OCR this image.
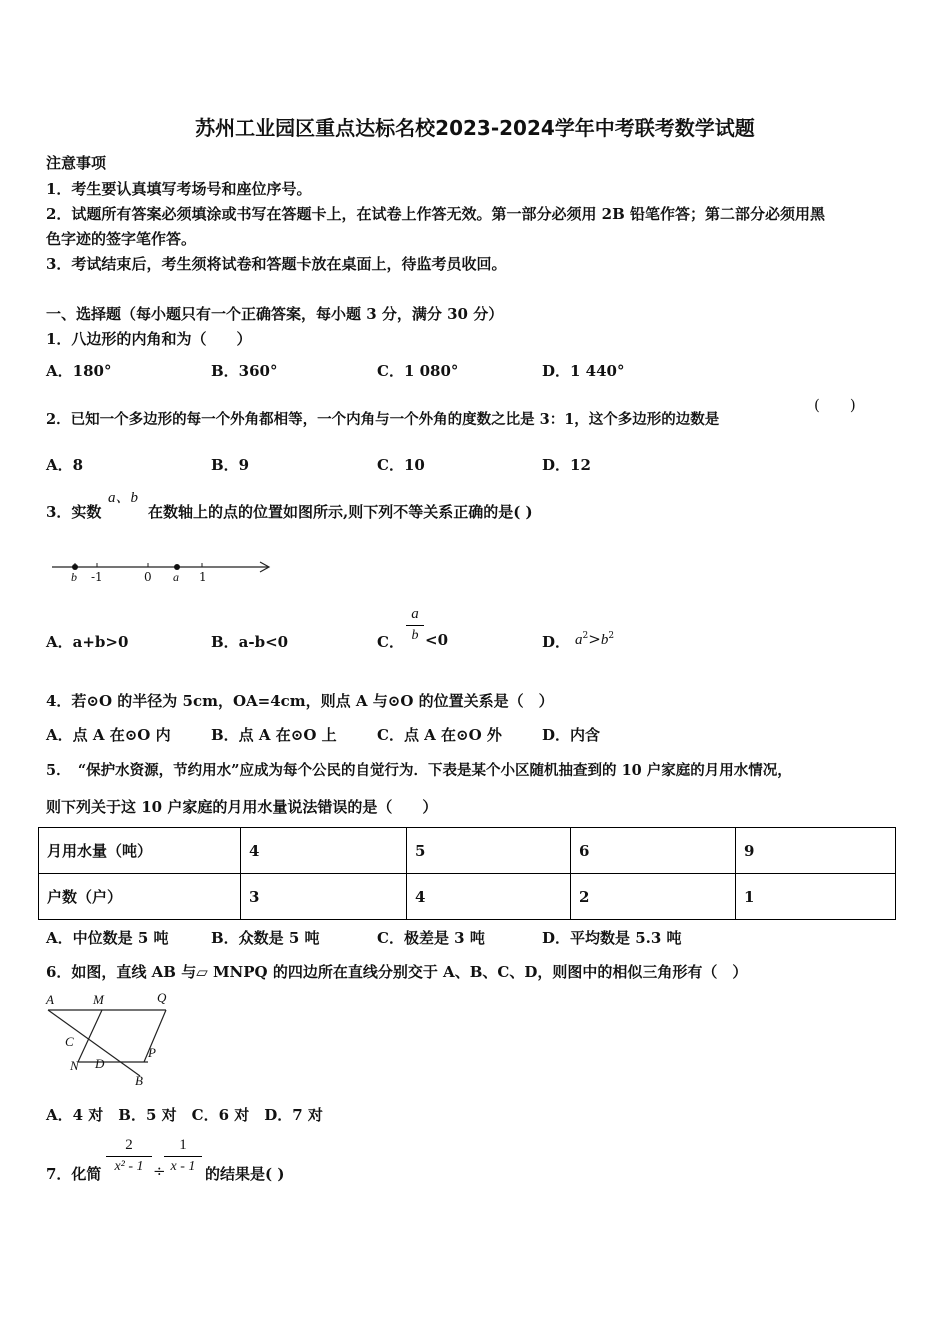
苏州工业园区重点达标名校2023-2024学年中考联考数学试题
注意事项
1．考生要认真填写考场号和座位序号。
2．试题所有答案必须填涂或书写在答题卡上，在试卷上作答无效。第一部分必须用 2B 铅笔作答；第二部分必须用黑
色字迹的签字笔作答。
3．考试结束后，考生须将试卷和答题卡放在桌面上，待监考员收回。
一、选择题（每小题只有一个正确答案，每小题 3 分，满分 30 分）
1．八边形的内角和为（　　）
A．180°	B．360°	C．1 080°	D．1 440°
2．已知一个多边形的每一个外角都相等，一个内角与一个外角的度数之比是 3：1，这个多边形的边数是
(　　)
A．8	B．9	C．10	D．12
3．实数
a、b
在数轴上的点的位置如图所示,则下列不等关系正确的是( )
b -1	0 a 1
A．a+b>0	B．a-b<0	C．
a
b <0	D． $a^2>b^2$
4．若⊙O 的半径为 5cm，OA=4cm，则点 A 与⊙O 的位置关系是（　）
A．点 A 在⊙O 内	B．点 A 在⊙O 上	C．点 A 在⊙O 外	D．内含
5．　“保护水资源，节约用水”应成为每个公民的自觉行为．下表是某个小区随机抽查到的 10 户家庭的月用水情况，
则下列关于这 10 户家庭的月用水量说法错误的是（　　）
月用水量（吨）	4	5	6	9
户数（户）	3	4	2	1
A．中位数是 5 吨	B．众数是 5 吨	C．极差是 3 吨	D．平均数是 5.3 吨
6．如图，直线 AB 与▱ MNPQ 的四边所在直线分别交于 A、B、C、D，则图中的相似三角形有（　）
A	M	Q
C
P
N D
B
A．4 对　B．5 对　C．6 对　D．7 对
7．化简
2
x² - 1 ÷
1
x - 1 的结果是( )
